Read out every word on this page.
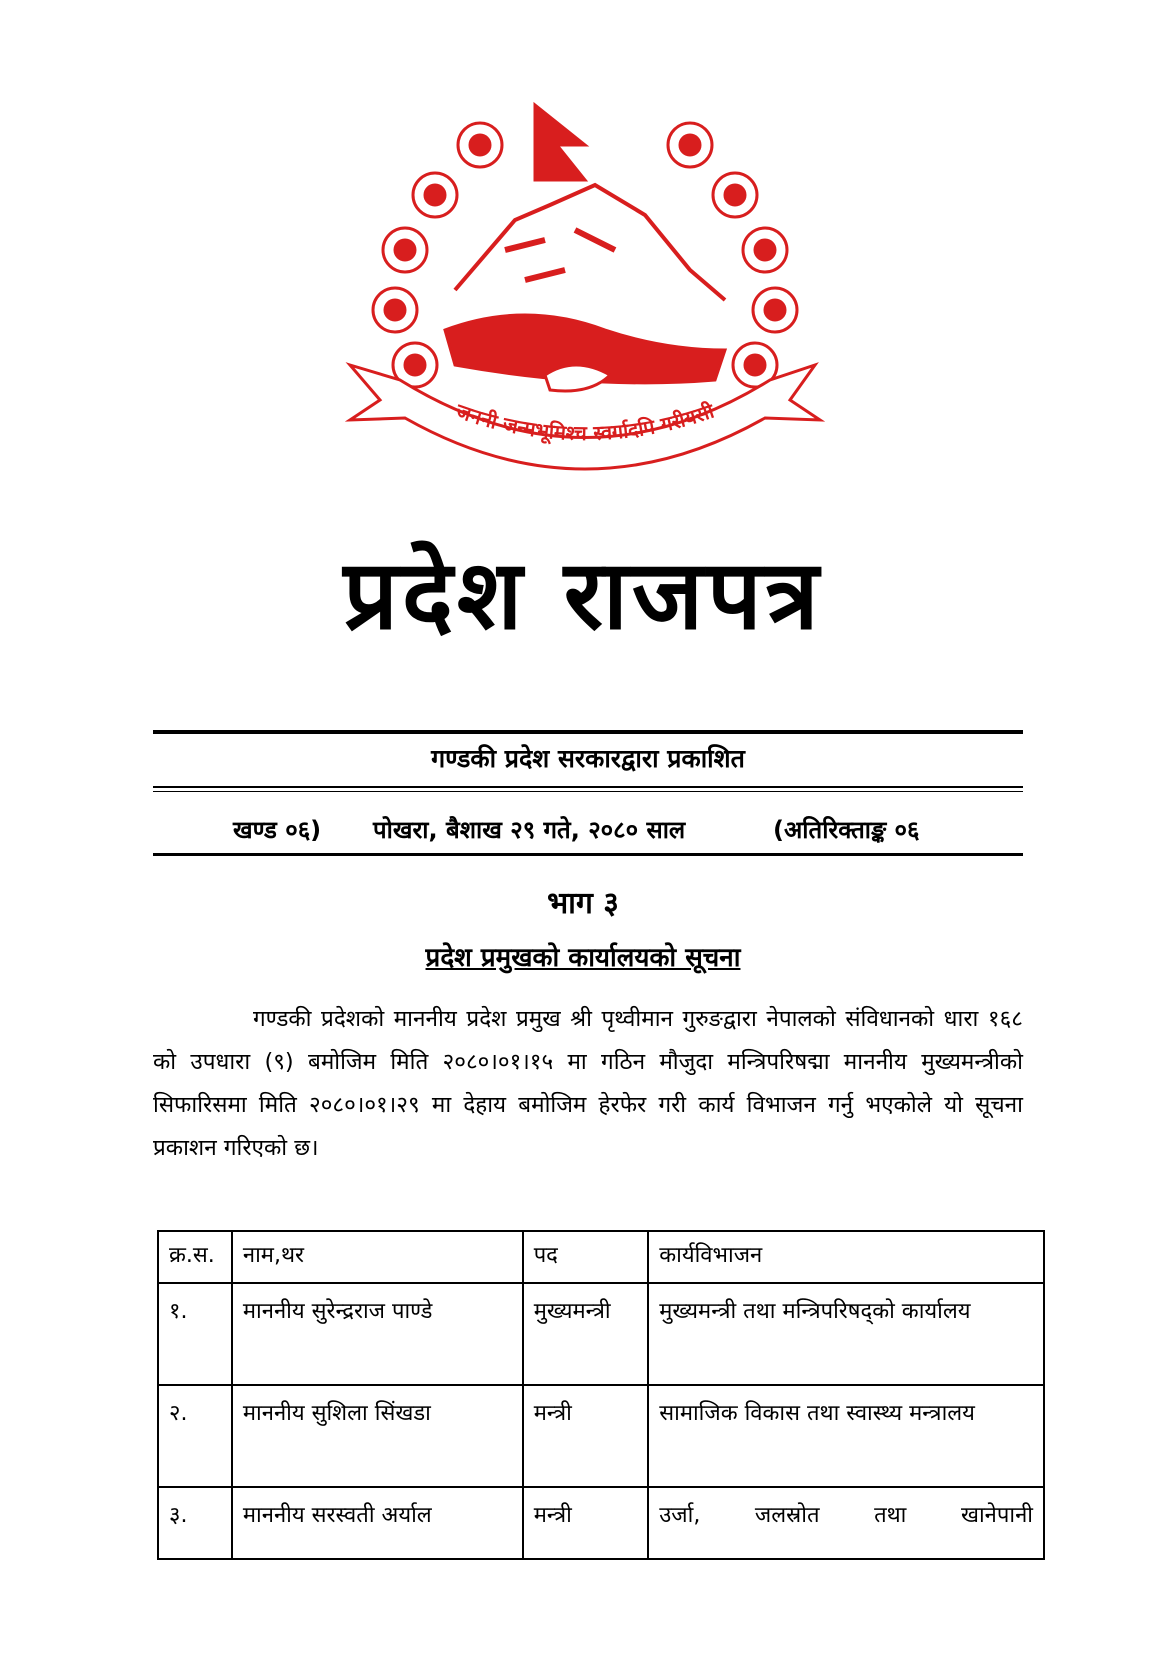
जननी जन्मभूमिश्च स्वर्गादपि गरीयसी
प्रदेश राजपत्र
गण्डकी प्रदेश सरकारद्वारा प्रकाशित
खण्ड ०६) पोखरा, बैशाख २९ गते, २०८० साल	(अतिरिक्ताङ्क ०६
भाग ३
प्रदेश प्रमुखको कार्यालयको सूचना

गण्डकी प्रदेशको माननीय प्रदेश प्रमुख श्री पृथ्वीमान गुरुङद्वारा नेपालको संविधानको धारा १६८ को उपधारा (९) बमोजिम मिति २०८०।०१।१५ मा गठिन मौजुदा मन्त्रिपरिषद्मा माननीय मुख्यमन्त्रीको सिफारिसमा मिति २०८०।०१।२९ मा देहाय बमोजिम हेरफेर गरी कार्य विभाजन गर्नु भएकोले यो सूचना प्रकाशन गरिएको छ।

क्र.स.	नाम,थर	पद	कार्यविभाजन
१.	माननीय सुरेन्द्रराज पाण्डे	मुख्यमन्त्री	मुख्यमन्त्री तथा मन्त्रिपरिषद्को कार्यालय
२.	माननीय सुशिला सिंखडा	मन्त्री	सामाजिक विकास तथा स्वास्थ्य मन्त्रालय
३.	माननीय सरस्वती अर्याल	मन्त्री	उर्जा, जलस्रोत तथा खानेपानी
